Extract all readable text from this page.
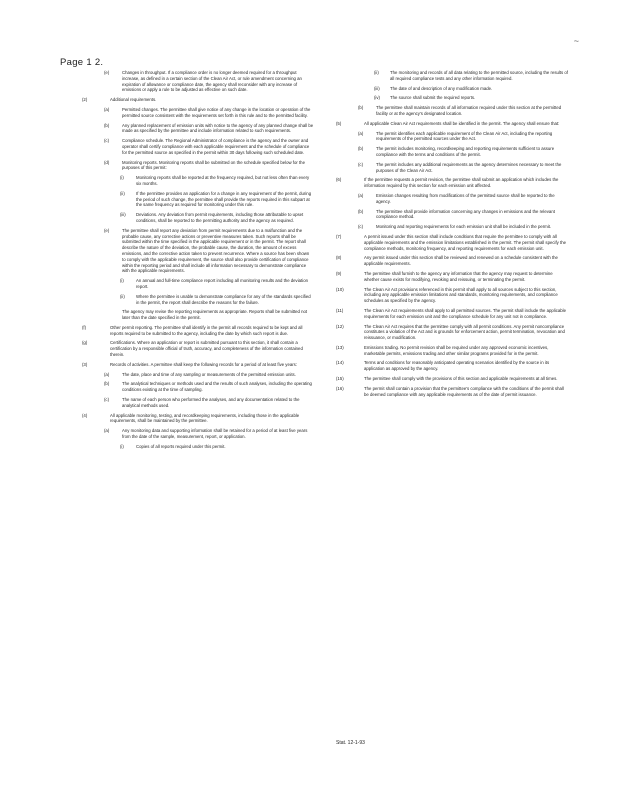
Page 1 2.
~
(e)	Changes in throughput. If a compliance order is no longer deemed required for a throughput increase, as defined in a certain section of the Clean Air Act, or rule amendment concerning an expiration of allowance or compliance date, the agency shall reconsider with any increase of emissions or apply a rule to be adjusted as effective on such date.
(2)	Additional requirements.
(a)	Permitted changes. The permittee shall give notice of any change in the location or operation of the permitted source consistent with the requirements set forth in this rule and to the permitted facility.
(b)	Any planned replacement of emission units with notice to the agency of any planned change shall be made as specified by the permittee and include information related to such requirements.
(c)	Compliance schedule. The Regional Administrator of compliance is the agency and the owner and operator shall certify compliance with each applicable requirement and the schedule of compliance for the permitted source as specified in the permit within 30 days following such scheduled date.
(d)	Monitoring reports. Monitoring reports shall be submitted on the schedule specified below for the purposes of this permit:
(i)	Monitoring reports shall be reported at the frequency required, but not less often than every six months.
(ii)	If the permittee provides an application for a change in any requirement of the permit, during the period of such change, the permittee shall provide the reports required in this subpart at the same frequency as required for monitoring under this rule.
(iii) Deviations. Any deviation from permit requirements, including those attributable to upset conditions, shall be reported to the permitting authority and the agency as required.
(e)	The permittee shall report any deviation from permit requirements due to a malfunction and the probable cause, any corrective actions or preventive measures taken. Such reports shall be submitted within the time specified in the applicable requirement or in the permit. The report shall describe the nature of the deviation, the probable cause, the duration, the amount of excess emissions, and the corrective action taken to prevent recurrence. Where a source has been shown to comply with the applicable requirement, the source shall also provide certification of compliance within the reporting period and shall include all information necessary to demonstrate compliance with the applicable requirements.
(i)	An annual and full-time compliance report including all monitoring results and the deviation report.
(ii)	Where the permittee is unable to demonstrate compliance for any of the standards specified in the permit, the report shall describe the reasons for the failure.
The agency may revise the reporting requirements as appropriate. Reports shall be submitted not later than the date specified in the permit.
(f)	Other permit reporting. The permittee shall identify in the permit all records required to be kept and all reports required to be submitted to the agency, including the date by which such report is due.
(g)	Certifications. Where an application or report is submitted pursuant to this section, it shall contain a certification by a responsible official of truth, accuracy, and completeness of the information contained therein.
(3)	Records of activities. A permittee shall keep the following records for a period of at least five years:
(a)	The date, place and time of any sampling or measurements of the permitted emission units.
(b)	The analytical techniques or methods used and the results of such analyses, including the operating conditions existing at the time of sampling.
(c)	The name of each person who performed the analyses, and any documentation related to the analytical methods used.
(4)	All applicable monitoring, testing, and recordkeeping requirements, including those in the applicable requirements, shall be maintained by the permittee.
(a)	Any monitoring data and supporting information shall be retained for a period of at least five years from the date of the sample, measurement, report, or application.
(i)	Copies of all reports required under this permit.
(ii)	The monitoring and records of all data relating to the permitted source, including the results of all required compliance tests and any other information required.
(iii) The date of and description of any modification made.
(iv) The source shall submit the required reports.
(b)	The permittee shall maintain records of all information required under this section at the permitted facility or at the agency's designated location.
(5)	All applicable Clean Air Act requirements shall be identified in the permit. The agency shall ensure that:
(a)	The permit identifies each applicable requirement of the Clean Air Act, including the reporting requirements of the permitted sources under the Act.
(b)	The permit includes monitoring, recordkeeping and reporting requirements sufficient to assure compliance with the terms and conditions of the permit.
(c)	The permit includes any additional requirements as the agency determines necessary to meet the purposes of the Clean Air Act.
(6)	If the permittee requests a permit revision, the permittee shall submit an application which includes the information required by this section for each emission unit affected.
(a)	Emission changes resulting from modifications of the permitted source shall be reported to the agency.
(b)	The permittee shall provide information concerning any changes in emissions and the relevant compliance method.
(c)	Monitoring and reporting requirements for each emission unit shall be included in the permit.
(7)	A permit issued under this section shall include conditions that require the permittee to comply with all applicable requirements and the emission limitations established in the permit. The permit shall specify the compliance methods, monitoring frequency, and reporting requirements for each emission unit.
(8)	Any permit issued under this section shall be reviewed and renewed on a schedule consistent with the applicable requirements.
(9)	The permittee shall furnish to the agency any information that the agency may request to determine whether cause exists for modifying, revoking and reissuing, or terminating the permit.
(10)	The Clean Air Act provisions referenced in this permit shall apply to all sources subject to this section, including any applicable emission limitations and standards, monitoring requirements, and compliance schedules as specified by the agency.
(11)	The Clean Air Act requirements shall apply to all permitted sources. The permit shall include the applicable requirements for each emission unit and the compliance schedule for any unit not in compliance.
(12)	The Clean Air Act requires that the permittee comply with all permit conditions. Any permit noncompliance constitutes a violation of the Act and is grounds for enforcement action, permit termination, revocation and reissuance, or modification.
(13)	Emissions trading. No permit revision shall be required under any approved economic incentives, marketable permits, emissions trading and other similar programs provided for in the permit.
(14)	Terms and conditions for reasonably anticipated operating scenarios identified by the source in its application as approved by the agency.
(15)	The permittee shall comply with the provisions of this section and applicable requirements at all times.
(16)	The permit shall contain a provision that the permittee's compliance with the conditions of the permit shall be deemed compliance with any applicable requirements as of the date of permit issuance.
Stat. 12-1-93
